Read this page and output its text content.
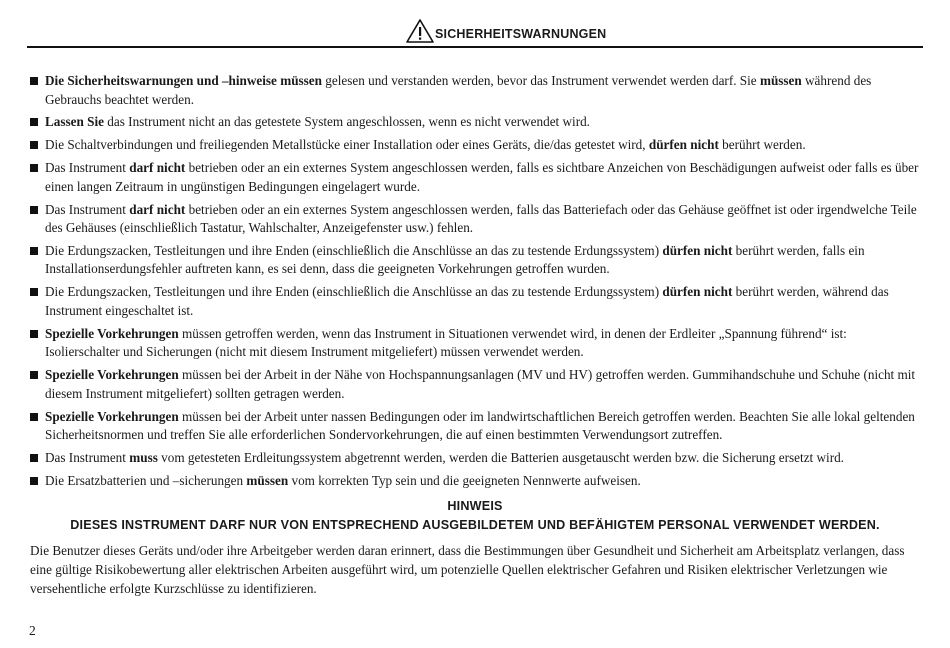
SICHERHEITSWARNUNGEN
Die Sicherheitswarnungen und –hinweise müssen gelesen und verstanden werden, bevor das Instrument verwendet werden darf. Sie müssen während des Gebrauchs beachtet werden.
Lassen Sie das Instrument nicht an das getestete System angeschlossen, wenn es nicht verwendet wird.
Die Schaltverbindungen und freiliegenden Metallstücke einer Installation oder eines Geräts, die/das getestet wird, dürfen nicht berührt werden.
Das Instrument darf nicht betrieben oder an ein externes System angeschlossen werden, falls es sichtbare Anzeichen von Beschädigungen aufweist oder falls es über einen langen Zeitraum in ungünstigen Bedingungen eingelagert wurde.
Das Instrument darf nicht betrieben oder an ein externes System angeschlossen werden, falls das Batteriefach oder das Gehäuse geöffnet ist oder irgendwelche Teile des Gehäuses (einschließlich Tastatur, Wahlschalter, Anzeigefenster usw.) fehlen.
Die Erdungszacken, Testleitungen und ihre Enden (einschließlich die Anschlüsse an das zu testende Erdungssystem) dürfen nicht berührt werden, falls ein Installationserdungsfehler auftreten kann, es sei denn, dass die geeigneten Vorkehrungen getroffen wurden.
Die Erdungszacken, Testleitungen und ihre Enden (einschließlich die Anschlüsse an das zu testende Erdungssystem) dürfen nicht berührt werden, während das Instrument eingeschaltet ist.
Spezielle Vorkehrungen müssen getroffen werden, wenn das Instrument in Situationen verwendet wird, in denen der Erdleiter „Spannung führend“ ist: Isolierschalter und Sicherungen (nicht mit diesem Instrument mitgeliefert) müssen verwendet werden.
Spezielle Vorkehrungen müssen bei der Arbeit in der Nähe von Hochspannungsanlagen (MV und HV) getroffen werden. Gummihandschuhe und Schuhe (nicht mit diesem Instrument mitgeliefert) sollten getragen werden.
Spezielle Vorkehrungen müssen bei der Arbeit unter nassen Bedingungen oder im landwirtschaftlichen Bereich getroffen werden. Beachten Sie alle lokal geltenden Sicherheitsnormen und treffen Sie alle erforderlichen Sondervorkehrungen, die auf einen bestimmten Verwendungsort zutreffen.
Das Instrument muss vom getesteten Erdleitungssystem abgetrennt werden, werden die Batterien ausgetauscht werden bzw. die Sicherung ersetzt wird.
Die Ersatzbatterien und –sicherungen müssen vom korrekten Typ sein und die geeigneten Nennwerte aufweisen.
HINWEIS
DIESES INSTRUMENT DARF NUR VON ENTSPRECHEND AUSGEBILDETEM UND BEFÄHIGTEM PERSONAL VERWENDET WERDEN.

Die Benutzer dieses Geräts und/oder ihre Arbeitgeber werden daran erinnert, dass die Bestimmungen über Gesundheit und Sicherheit am Arbeitsplatz verlangen, dass eine gültige Risikobewertung aller elektrischen Arbeiten ausgeführt wird, um potenzielle Quellen elektrischer Gefahren und Risiken elektrischer Verletzungen wie versehentliche erfolgte Kurzschlüsse zu identifizieren.

2
